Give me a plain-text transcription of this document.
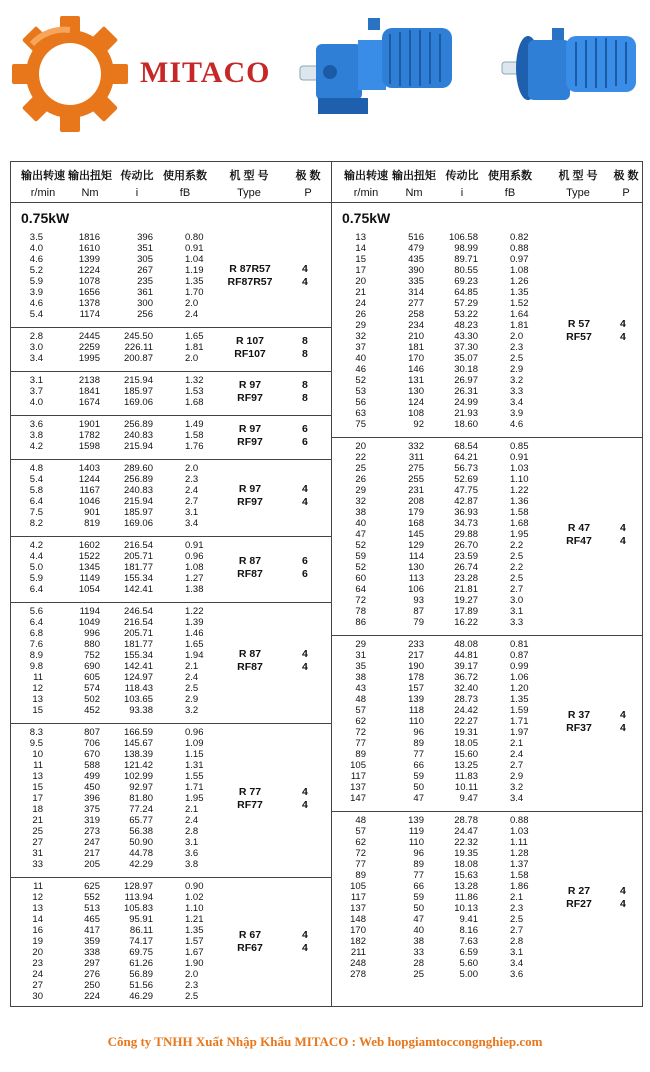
MITACO
输出转速
r/min
输出扭矩
Nm
传动比
i
使用系数
fB
机 型 号
Type
极 数
P
0.75kW
3.5	1816	396	0.80
4.0	1610	351	0.91
4.6	1399	305	1.04
5.2	1224	267	1.19
5.9	1078	235	1.35
3.9	1656	361	1.70
4.6	1378	300	2.0
5.4	1174	256	2.4
R 87R57
RF87R57
4
4
2.8	2445	245.50	1.65
3.0	2259	226.11	1.81
3.4	1995	200.87	2.0
R 107
RF107
8
8
3.1	2138	215.94	1.32
3.7	1841	185.97	1.53
4.0	1674	169.06	1.68
R 97
RF97
8
8
3.6	1901	256.89	1.49
3.8	1782	240.83	1.58
4.2	1598	215.94	1.76
R 97
RF97
6
6
4.8	1403	289.60	2.0
5.4	1244	256.89	2.3
5.8	1167	240.83	2.4
6.4	1046	215.94	2.7
7.5	901	185.97	3.1
8.2	819	169.06	3.4
R 97
RF97
4
4
4.2	1602	216.54	0.91
4.4	1522	205.71	0.96
5.0	1345	181.77	1.08
5.9	1149	155.34	1.27
6.4	1054	142.41	1.38
R 87
RF87
6
6
5.6	1194	246.54	1.22
6.4	1049	216.54	1.39
6.8	996	205.71	1.46
7.6	880	181.77	1.65
8.9	752	155.34	1.94
9.8	690	142.41	2.1
11	605	124.97	2.4
12	574	118.43	2.5
13	502	103.65	2.9
15	452	93.38	3.2
R 87
RF87
4
4
8.3	807	166.59	0.96
9.5	706	145.67	1.09
10	670	138.39	1.15
11	588	121.42	1.31
13	499	102.99	1.55
15	450	92.97	1.71
17	396	81.80	1.95
18	375	77.24	2.1
21	319	65.77	2.4
25	273	56.38	2.8
27	247	50.90	3.1
31	217	44.78	3.6
33	205	42.29	3.8
R 77
RF77
4
4
11	625	128.97	0.90
12	552	113.94	1.02
13	513	105.83	1.10
14	465	95.91	1.21
16	417	86.11	1.35
19	359	74.17	1.57
20	338	69.75	1.67
23	297	61.26	1.90
24	276	56.89	2.0
27	250	51.56	2.3
30	224	46.29	2.5
R 67
RF67
4
4
输出转速
r/min
输出扭矩
Nm
传动比
i
使用系数
fB
机 型 号
Type
极 数
P
0.75kW
13	516	106.58	0.82
14	479	98.99	0.88
15	435	89.71	0.97
17	390	80.55	1.08
20	335	69.23	1.26
21	314	64.85	1.35
24	277	57.29	1.52
26	258	53.22	1.64
29	234	48.23	1.81
32	210	43.30	2.0
37	181	37.30	2.3
40	170	35.07	2.5
46	146	30.18	2.9
52	131	26.97	3.2
53	130	26.31	3.3
56	124	24.99	3.4
63	108	21.93	3.9
75	92	18.60	4.6
R 57
RF57
4
4
20	332	68.54	0.85
22	311	64.21	0.91
25	275	56.73	1.03
26	255	52.69	1.10
29	231	47.75	1.22
32	208	42.87	1.36
38	179	36.93	1.58
40	168	34.73	1.68
47	145	29.88	1.95
52	129	26.70	2.2
59	114	23.59	2.5
52	130	26.74	2.2
60	113	23.28	2.5
64	106	21.81	2.7
72	93	19.27	3.0
78	87	17.89	3.1
86	79	16.22	3.3
R 47
RF47
4
4
29	233	48.08	0.81
31	217	44.81	0.87
35	190	39.17	0.99
38	178	36.72	1.06
43	157	32.40	1.20
48	139	28.73	1.35
57	118	24.42	1.59
62	110	22.27	1.71
72	96	19.31	1.97
77	89	18.05	2.1
89	77	15.60	2.4
105	66	13.25	2.7
117	59	11.83	2.9
137	50	10.11	3.2
147	47	9.47	3.4
R 37
RF37
4
4
48	139	28.78	0.88
57	119	24.47	1.03
62	110	22.32	1.11
72	96	19.35	1.28
77	89	18.08	1.37
89	77	15.63	1.58
105	66	13.28	1.86
117	59	11.86	2.1
137	50	10.13	2.3
148	47	9.41	2.5
170	40	8.16	2.7
182	38	7.63	2.8
211	33	6.59	3.1
248	28	5.60	3.4
278	25	5.00	3.6
R 27
RF27
4
4
Công ty TNHH Xuất Nhập Khẩu MITACO : Web hopgiamtoccongnghiep.com
